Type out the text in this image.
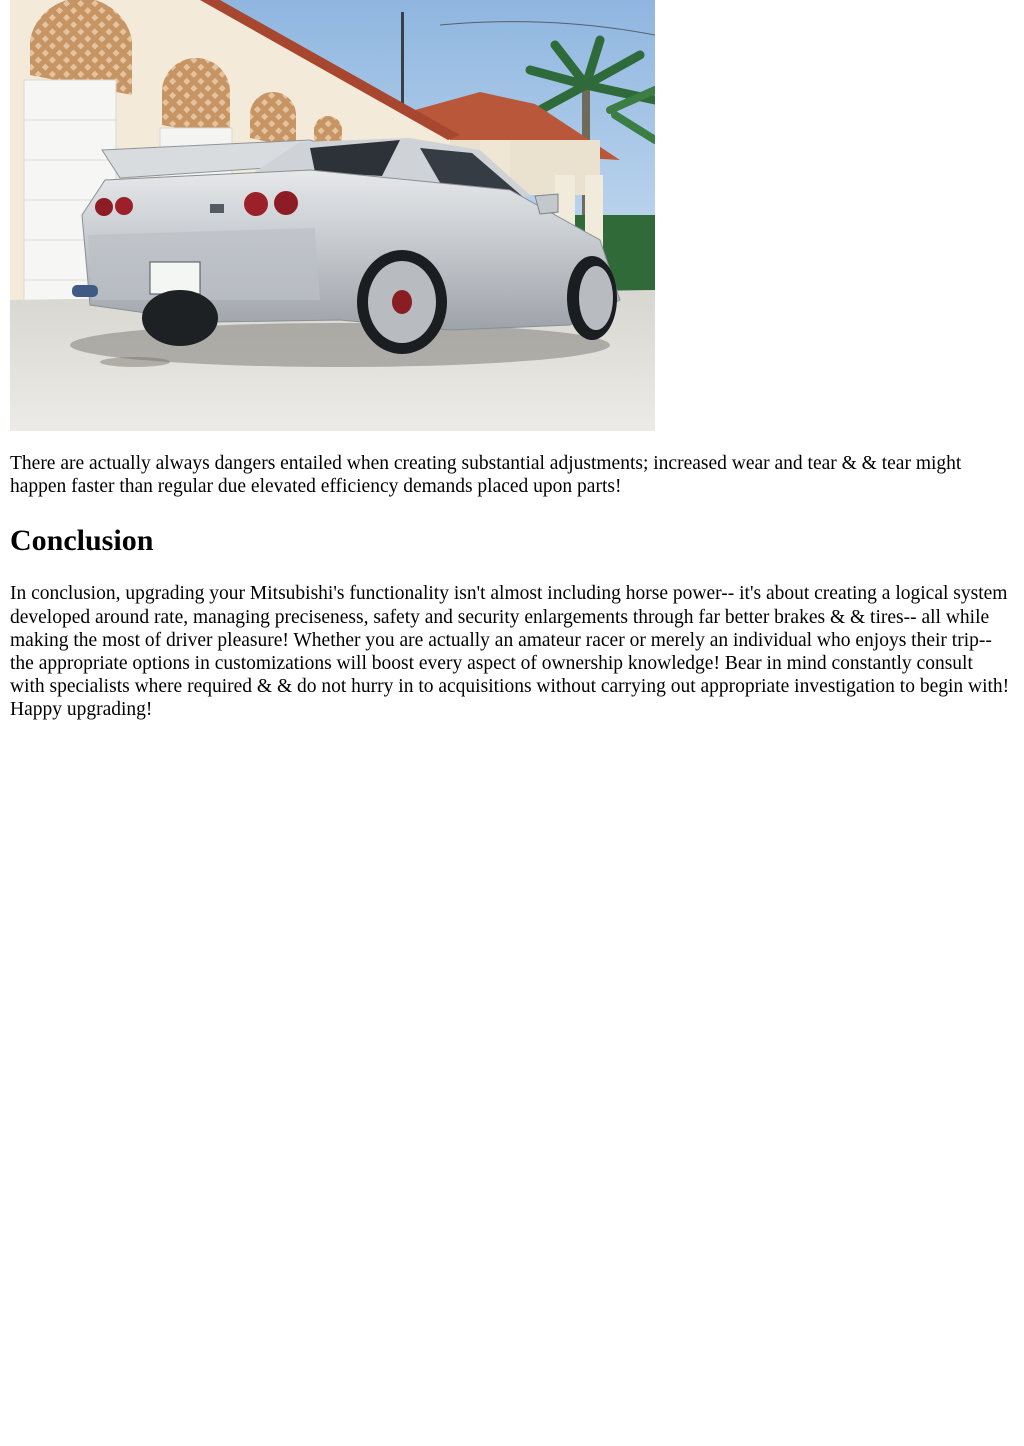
There are actually always dangers entailed when creating substantial adjustments; increased wear and tear & & tear might happen faster than regular due elevated efficiency demands placed upon parts!

Conclusion

In conclusion, upgrading your Mitsubishi's functionality isn't almost including horse power-- it's about creating a logical system developed around rate, managing preciseness, safety and security enlargements through far better brakes & & tires-- all while making the most of driver pleasure! Whether you are actually an amateur racer or merely an individual who enjoys their trip-- the appropriate options in customizations will boost every aspect of ownership knowledge! Bear in mind constantly consult with specialists where required & & do not hurry in to acquisitions without carrying out appropriate investigation to begin with! Happy upgrading!
